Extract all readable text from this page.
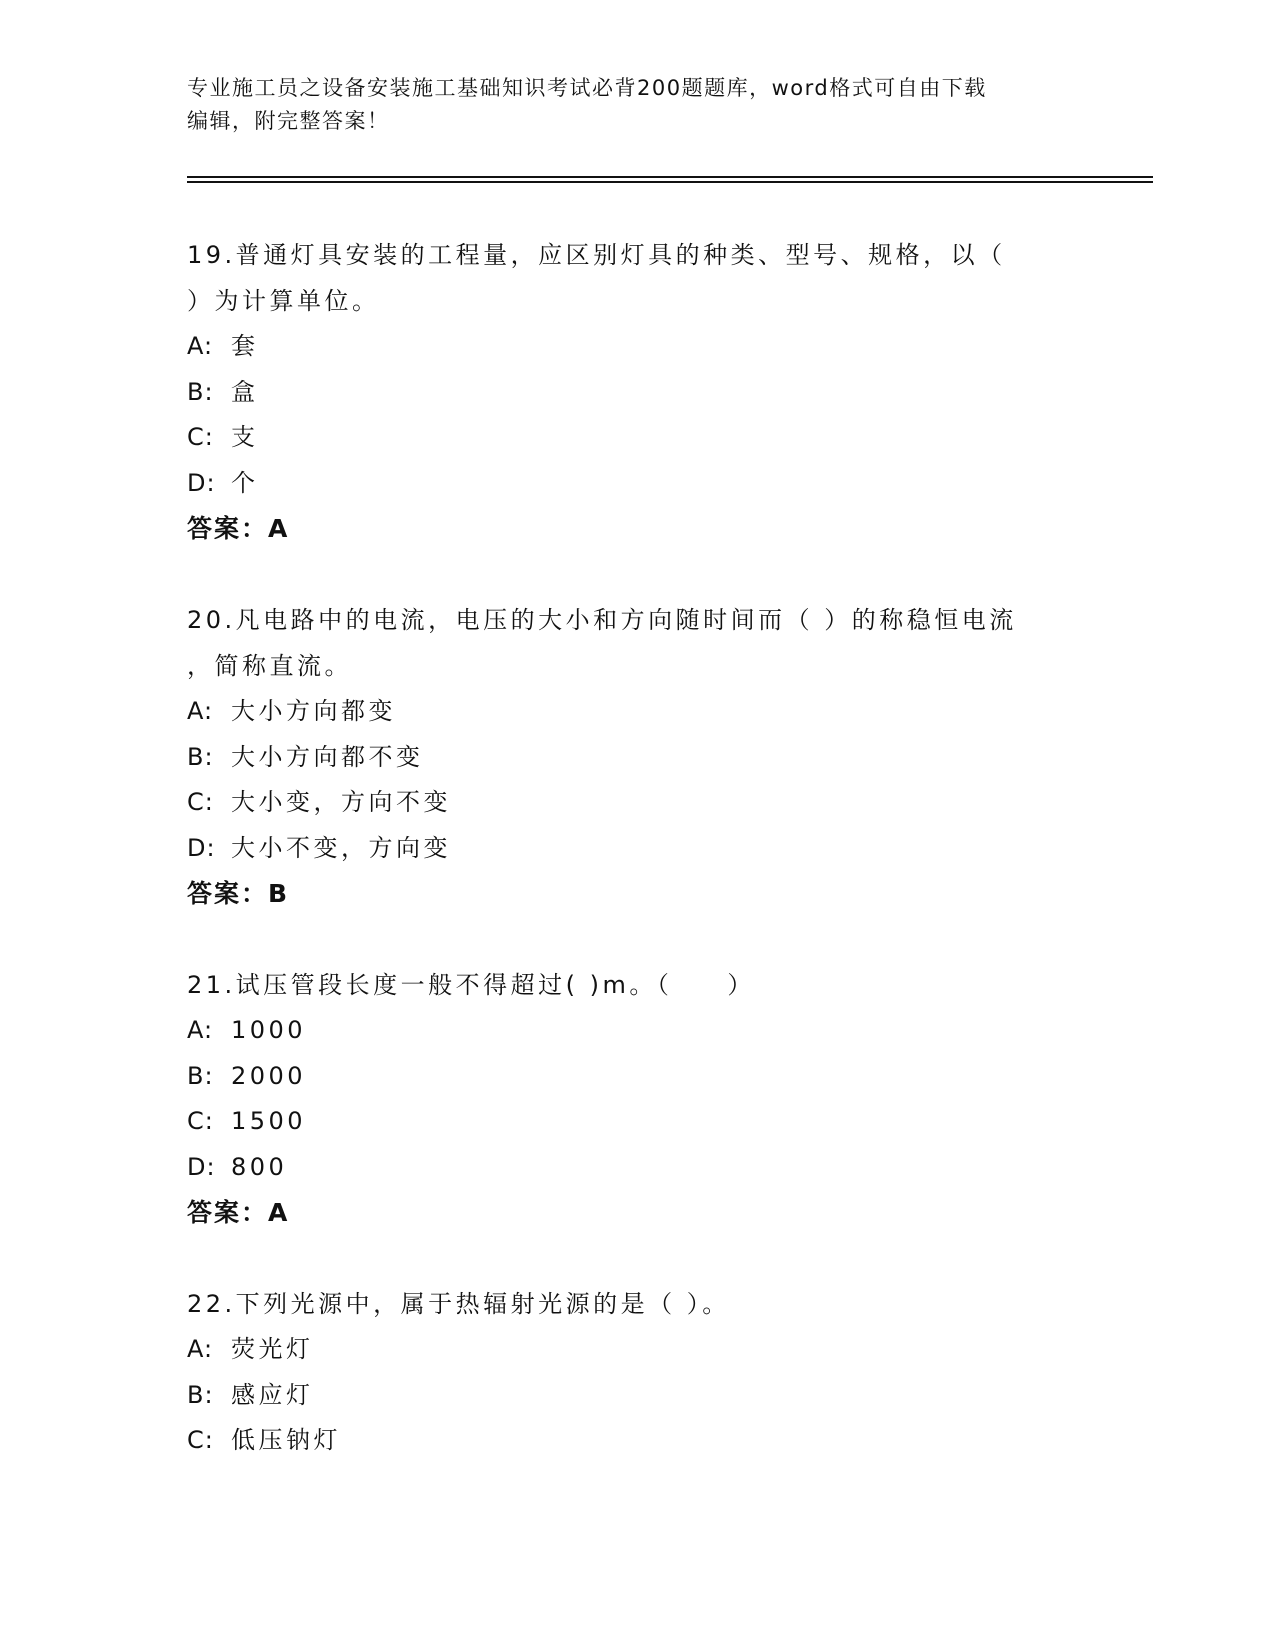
专业施工员之设备安装施工基础知识考试必背200题题库，word格式可自由下载
编辑，附完整答案！
19.普通灯具安装的工程量，应区别灯具的种类、型号、规格，以（
）为计算单位。
A: 套
B: 盒
C: 支
D: 个
答案：A
20.凡电路中的电流，电压的大小和方向随时间而（ ）的称稳恒电流
，简称直流。
A: 大小方向都变
B: 大小方向都不变
C: 大小变，方向不变
D: 大小不变，方向变
答案：B
21.试压管段长度一般不得超过( )m。（　　）
A: 1000
B: 2000
C: 1500
D: 800
答案：A
22.下列光源中，属于热辐射光源的是（ ）。
A: 荧光灯
B: 感应灯
C: 低压钠灯
